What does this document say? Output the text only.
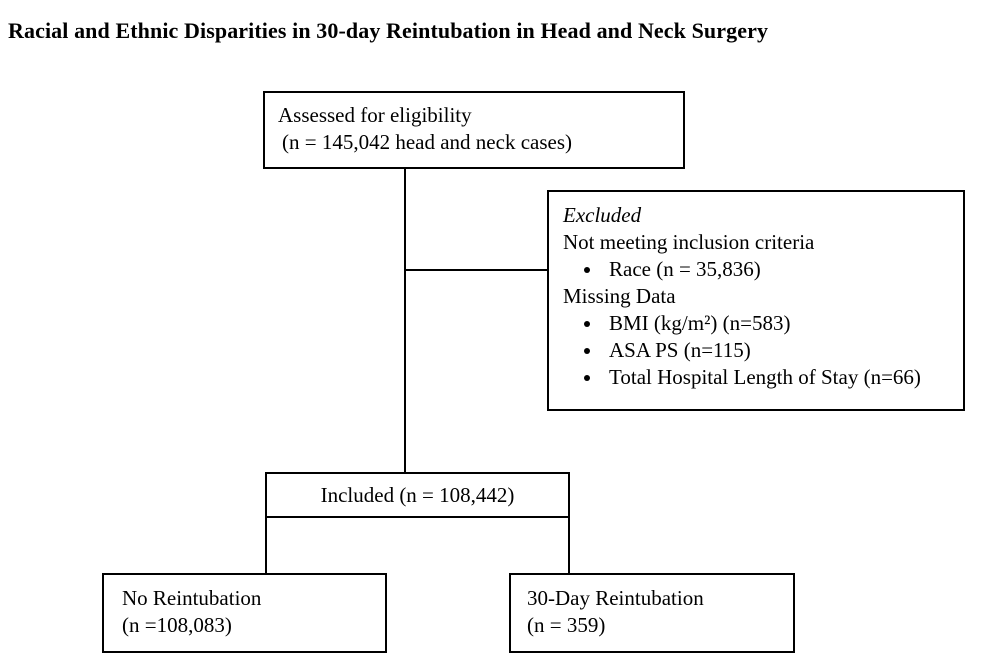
Racial and Ethnic Disparities in 30-day Reintubation in Head and Neck Surgery
Assessed for eligibility
(n = 145,042 head and neck cases)
Excluded
Not meeting inclusion criteria
• Race (n = 35,836)
Missing Data
• BMI (kg/m²) (n=583)
• ASA PS (n=115)
• Total Hospital Length of Stay (n=66)
Included (n = 108,442)
No Reintubation
(n =108,083)
30-Day Reintubation
(n = 359)
